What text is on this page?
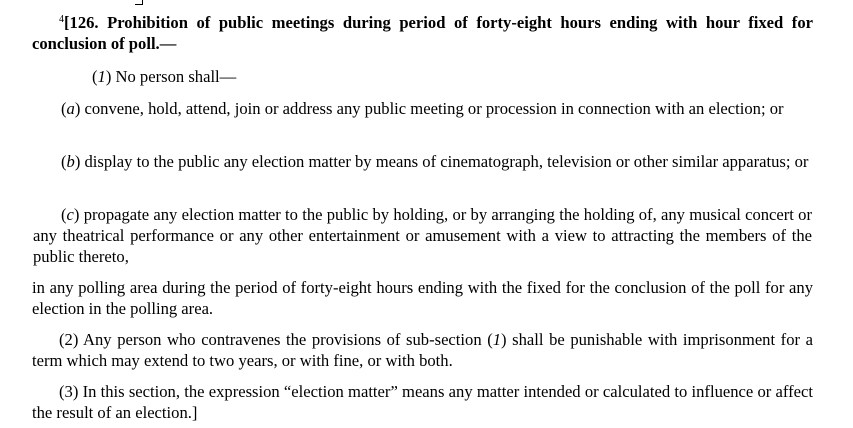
$^4$[126. Prohibition of public meetings during period of forty-eight hours ending with hour fixed for conclusion of poll.—

(1) No person shall—

(a) convene, hold, attend, join or address any public meeting or procession in connection with an election; or

(b) display to the public any election matter by means of cinematograph, television or other similar apparatus; or

(c) propagate any election matter to the public by holding, or by arranging the holding of, any musical concert or any theatrical performance or any other entertainment or amusement with a view to attracting the members of the public thereto,

in any polling area during the period of forty-eight hours ending with the fixed for the conclusion of the poll for any election in the polling area.

(2) Any person who contravenes the provisions of sub-section (1) shall be punishable with imprisonment for a term which may extend to two years, or with fine, or with both.

(3) In this section, the expression “election matter” means any matter intended or calculated to influence or affect the result of an election.]
